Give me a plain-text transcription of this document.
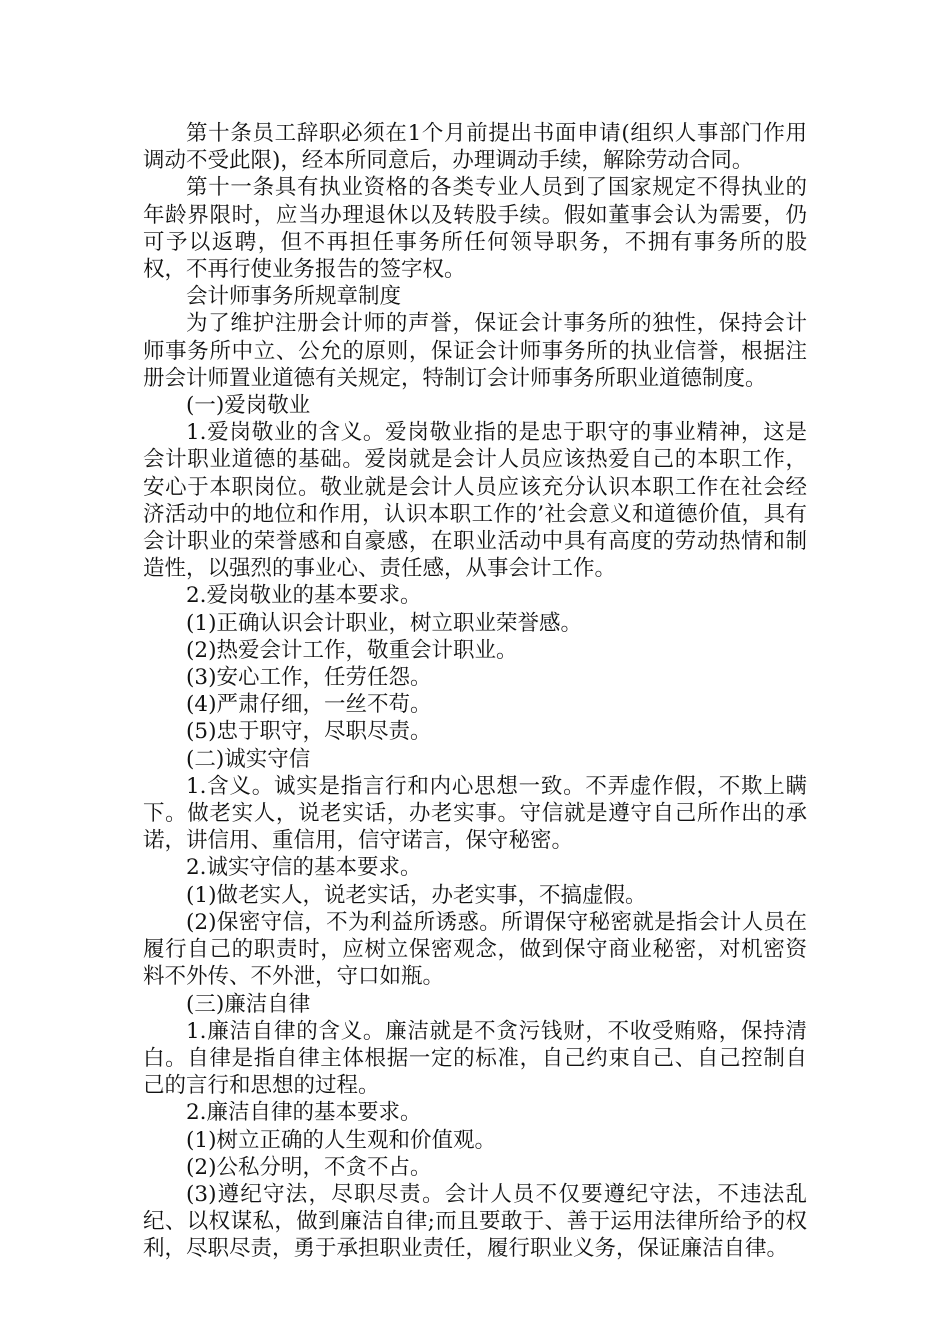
第十条员工辞职必须在1个月前提出书面申请(组织人事部门作用调动不受此限)，经本所同意后，办理调动手续，解除劳动合同。

第十一条具有执业资格的各类专业人员到了国家规定不得执业的年龄界限时，应当办理退休以及转股手续。假如董事会认为需要，仍可予以返聘，但不再担任事务所任何领导职务，不拥有事务所的股权，不再行使业务报告的签字权。

会计师事务所规章制度

为了维护注册会计师的声誉，保证会计事务所的独性，保持会计师事务所中立、公允的原则，保证会计师事务所的执业信誉，根据注册会计师置业道德有关规定，特制订会计师事务所职业道德制度。

(一)爱岗敬业

1.爱岗敬业的含义。爱岗敬业指的是忠于职守的事业精神，这是会计职业道德的基础。爱岗就是会计人员应该热爱自己的本职工作，安心于本职岗位。敬业就是会计人员应该充分认识本职工作在社会经济活动中的地位和作用，认识本职工作的’社会意义和道德价值，具有会计职业的荣誉感和自豪感，在职业活动中具有高度的劳动热情和制造性，以强烈的事业心、责任感，从事会计工作。

2.爱岗敬业的基本要求。

(1)正确认识会计职业，树立职业荣誉感。

(2)热爱会计工作，敬重会计职业。

(3)安心工作，任劳任怨。

(4)严肃仔细，一丝不苟。

(5)忠于职守，尽职尽责。

(二)诚实守信

1.含义。诚实是指言行和内心思想一致。不弄虚作假，不欺上瞒下。做老实人，说老实话，办老实事。守信就是遵守自己所作出的承诺，讲信用、重信用，信守诺言，保守秘密。

2.诚实守信的基本要求。

(1)做老实人，说老实话，办老实事，不搞虚假。

(2)保密守信，不为利益所诱惑。所谓保守秘密就是指会计人员在履行自己的职责时，应树立保密观念，做到保守商业秘密，对机密资料不外传、不外泄，守口如瓶。

(三)廉洁自律

1.廉洁自律的含义。廉洁就是不贪污钱财，不收受贿赂，保持清白。自律是指自律主体根据一定的标准，自己约束自己、自己控制自己的言行和思想的过程。

2.廉洁自律的基本要求。

(1)树立正确的人生观和价值观。

(2)公私分明，不贪不占。

(3)遵纪守法，尽职尽责。会计人员不仅要遵纪守法，不违法乱纪、以权谋私，做到廉洁自律;而且要敢于、善于运用法律所给予的权利，尽职尽责，勇于承担职业责任，履行职业义务，保证廉洁自律。
